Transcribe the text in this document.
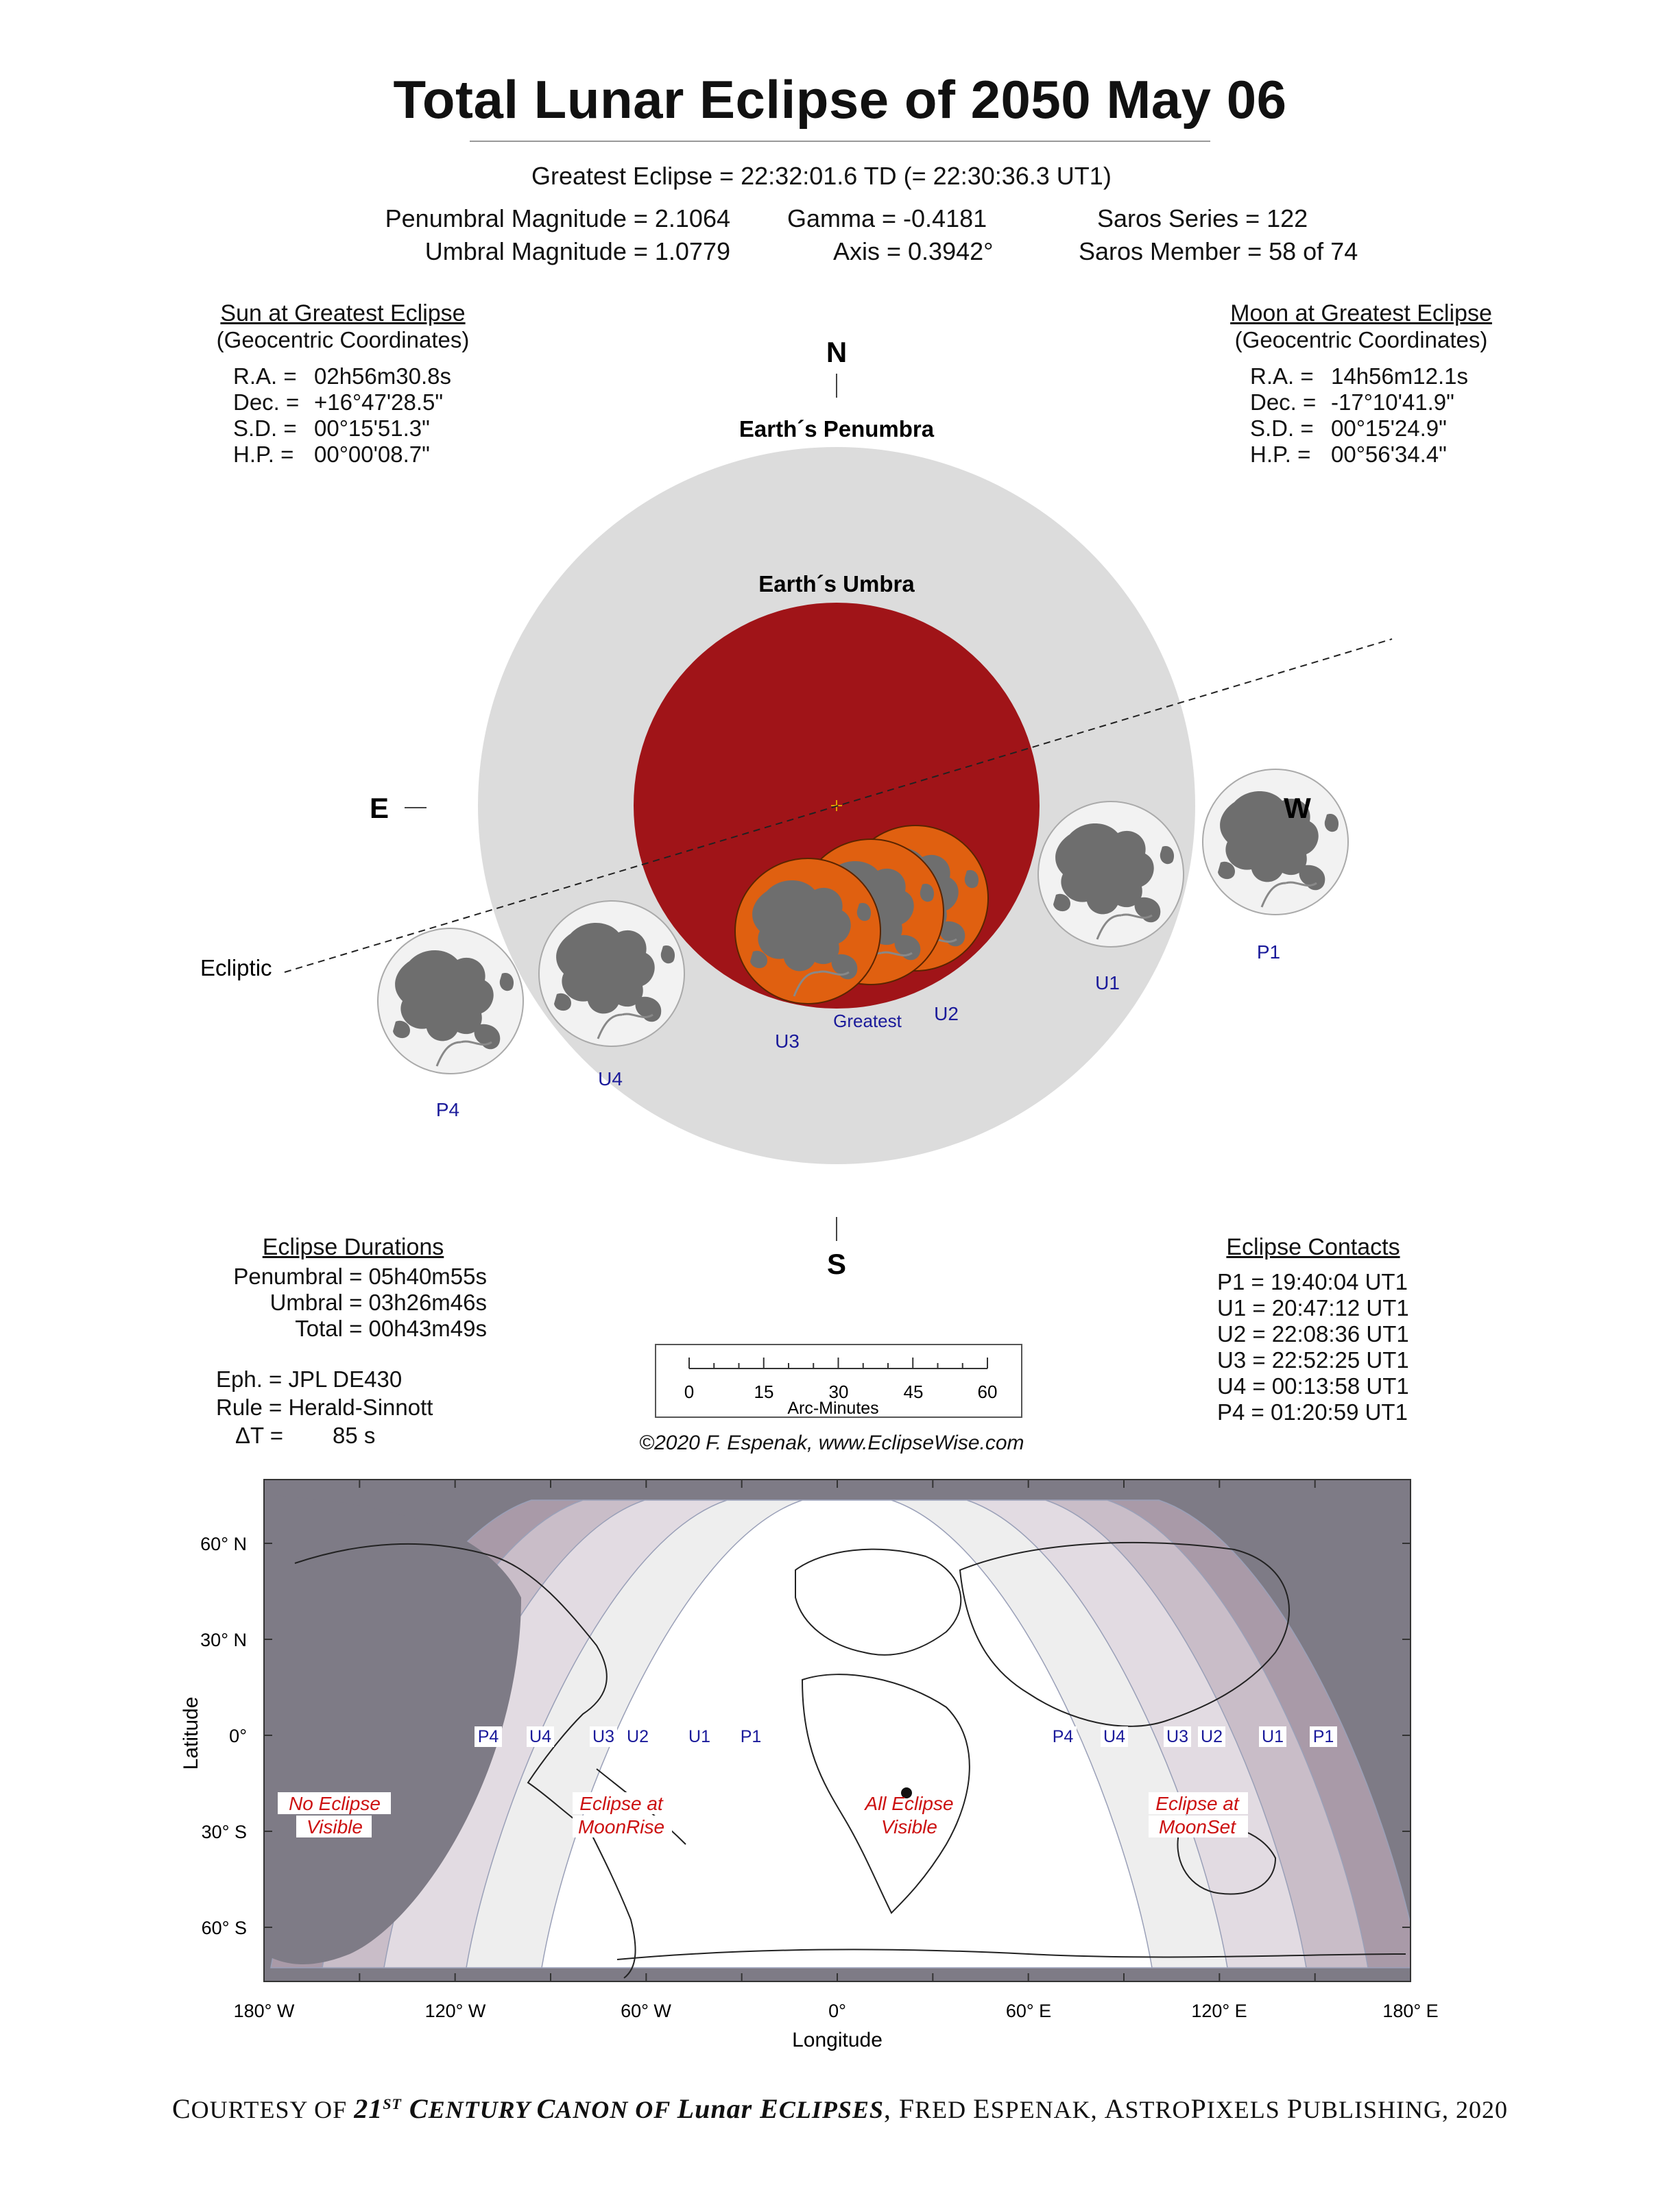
Total Lunar Eclipse of 2050 May 06
Greatest Eclipse = 22:32:01.6 TD (= 22:30:36.3 UT1)
Penumbral Magnitude = 2.1064
Umbral Magnitude = 1.0779
Gamma = -0.4181
Axis = 0.3942°
Saros Series = 122
Saros Member = 58 of 74
Sun at Greatest Eclipse
(Geocentric Coordinates)
R.A. = 02h56m30.8s
Dec. = +16°47'28.5"
S.D. = 00°15'51.3"
H.P. = 00°00'08.7"
Moon at Greatest Eclipse
(Geocentric Coordinates)
R.A. = 14h56m12.1s
Dec. = -17°10'41.9"
S.D. = 00°15'24.9"
H.P. = 00°56'34.4"
N
S
E	W
Earth´s Penumbra
Earth´s Umbra
Ecliptic
Greatest
P1
U1
U2
U3
U4
P4
Eclipse Durations
Penumbral = 05h40m55s
Umbral = 03h26m46s
Total = 00h43m49s
Eph. = JPL DE430
Rule = Herald-Sinnott
ΔT = 85 s
0	15	30	45	60
Arc-Minutes
©2020 F. Espenak, www.EclipseWise.com
Eclipse Contacts
P1 = 19:40:04 UT1
U1 = 20:47:12 UT1
U2 = 22:08:36 UT1
U3 = 22:52:25 UT1
U4 = 00:13:58 UT1
P4 = 01:20:59 UT1
60° N
30° N
0°
30° S
60° S
180° W	120° W	60° W	0°	60° E	120° E	180° E
Longitude
Latitude	P4 U4 U3 U2 U1 P1	P4 U4 U3 U2 U1 P1
No Eclipse
Visible
Eclipse at
MoonRise
All Eclipse
Visible
Eclipse at
MoonSet
COURTESY OF 21ST CENTURY CANON OF Lunar ECLIPSES, FRED ESPENAK, ASTROPIXELS PUBLISHING, 2020
